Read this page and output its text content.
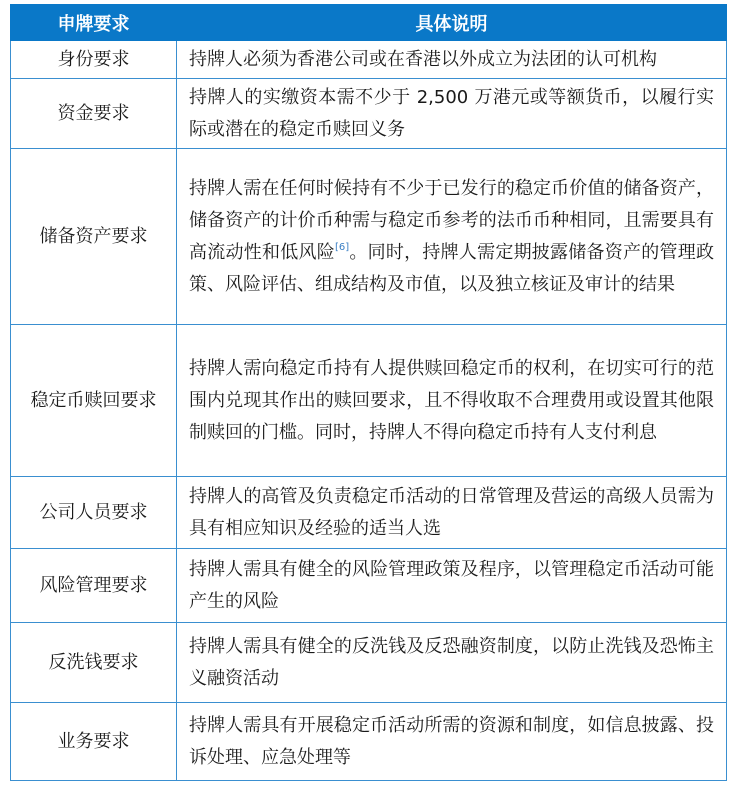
申牌要求	具体说明
身份要求	持牌人必须为香港公司或在香港以外成立为法团的认可机构
资金要求	持牌人的实缴资本需不少于 2,500 万港元或等额货币，以履行实际或潜在的稳定币赎回义务
储备资产要求	持牌人需在任何时候持有不少于已发行的稳定币价值的储备资产，储备资产的计价币种需与稳定币参考的法币币种相同，且需要具有高流动性和低风险[6]。同时，持牌人需定期披露储备资产的管理政策、风险评估、组成结构及市值，以及独立核证及审计的结果
稳定币赎回要求	持牌人需向稳定币持有人提供赎回稳定币的权利，在切实可行的范围内兑现其作出的赎回要求，且不得收取不合理费用或设置其他限制赎回的门槛。同时，持牌人不得向稳定币持有人支付利息
公司人员要求	持牌人的高管及负责稳定币活动的日常管理及营运的高级人员需为具有相应知识及经验的适当人选
风险管理要求	持牌人需具有健全的风险管理政策及程序，以管理稳定币活动可能产生的风险
反洗钱要求	持牌人需具有健全的反洗钱及反恐融资制度，以防止洗钱及恐怖主义融资活动
业务要求	持牌人需具有开展稳定币活动所需的资源和制度，如信息披露、投诉处理、应急处理等
